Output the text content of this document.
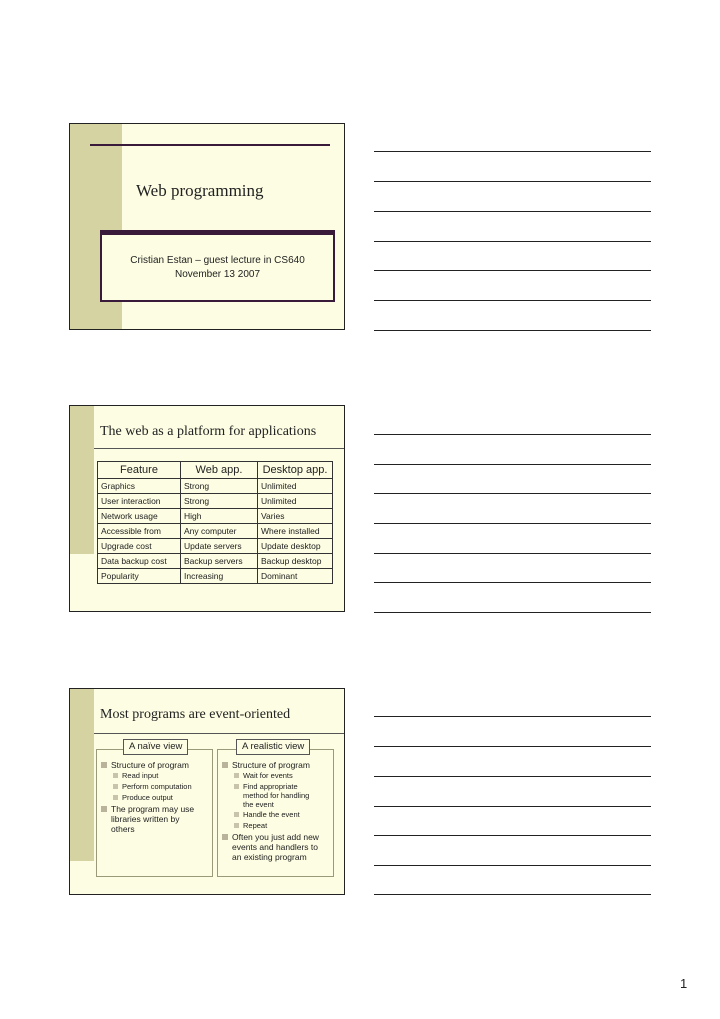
Web programming
Cristian Estan – guest lecture in CS640
November 13 2007
The web as a platform for applications
Feature	Web app.	Desktop app.
Graphics	Strong	Unlimited
User interaction	Strong	Unlimited
Network usage	High	Varies
Accessible from	Any computer	Where installed
Upgrade cost	Update servers	Update desktop
Data backup cost	Backup servers	Backup desktop
Popularity	Increasing	Dominant
Most programs are event-oriented
A naïve view	A realistic view
Structure of program
Read input
Perform computation
Produce output
The program may use
libraries written by
others
Structure of program
Wait for events
Find appropriate
method for handling
the event
Handle the event
Repeat
Often you just add new
events and handlers to
an existing program
1
